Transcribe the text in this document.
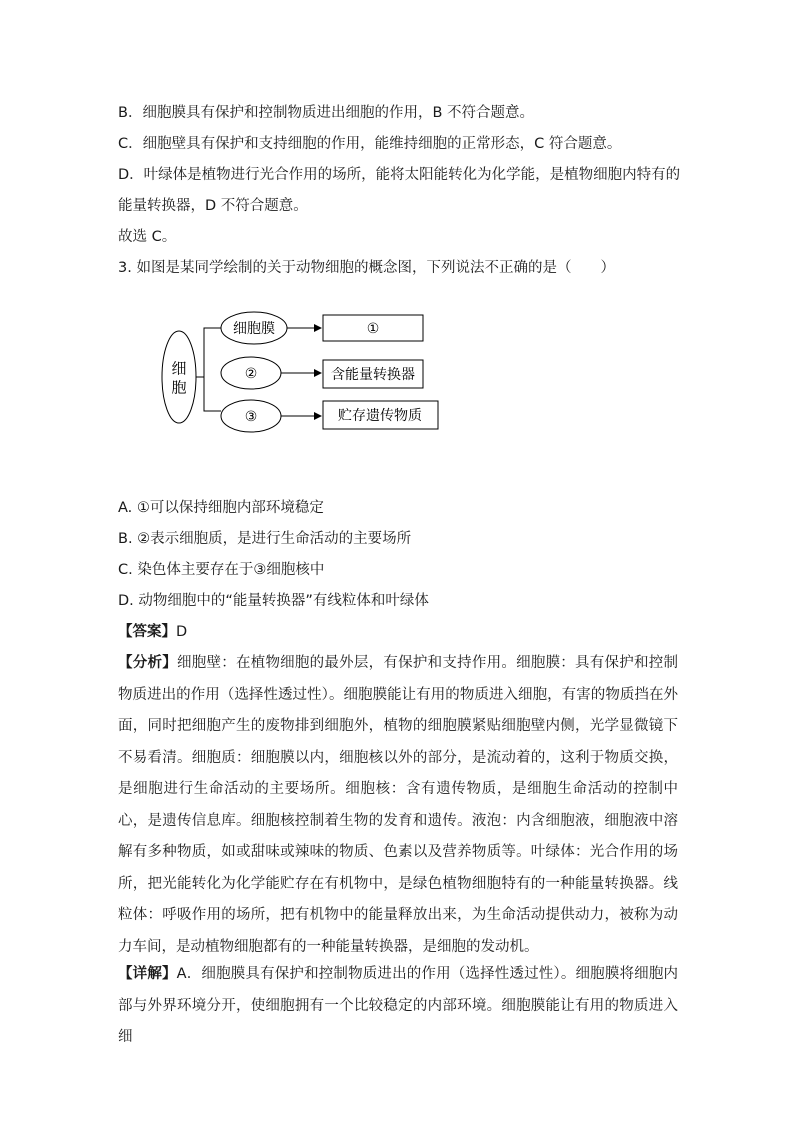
B．细胞膜具有保护和控制物质进出细胞的作用，B 不符合题意。
C．细胞壁具有保护和支持细胞的作用，能维持细胞的正常形态，C 符合题意。
D．叶绿体是植物进行光合作用的场所，能将太阳能转化为化学能，是植物细胞内特有的
能量转换器，D 不符合题意。
故选 C。
3. 如图是某同学绘制的关于动物细胞的概念图，下列说法不正确的是（　　）
细
胞
细胞膜
②
③
①
含能量转换器
贮存遗传物质
A. ①可以保持细胞内部环境稳定
B. ②表示细胞质，是进行生命活动的主要场所
C. 染色体主要存在于③细胞核中
D. 动物细胞中的“能量转换器”有线粒体和叶绿体
【答案】D
【分析】细胞壁：在植物细胞的最外层，有保护和支持作用。细胞膜：具有保护和控制物质进出的作用（选择性透过性）。细胞膜能让有用的物质进入细胞，有害的物质挡在外面，同时把细胞产生的废物排到细胞外，植物的细胞膜紧贴细胞壁内侧，光学显微镜下不易看清。细胞质：细胞膜以内，细胞核以外的部分，是流动着的，这利于物质交换，是细胞进行生命活动的主要场所。细胞核：含有遗传物质，是细胞生命活动的控制中心，是遗传信息库。细胞核控制着生物的发育和遗传。液泡：内含细胞液，细胞液中溶解有多种物质，如或甜味或辣味的物质、色素以及营养物质等。叶绿体：光合作用的场所，把光能转化为化学能贮存在有机物中，是绿色植物细胞特有的一种能量转换器。线粒体：呼吸作用的场所，把有机物中的能量释放出来，为生命活动提供动力，被称为动力车间，是动植物细胞都有的一种能量转换器，是细胞的发动机。
【详解】A．细胞膜具有保护和控制物质进出的作用（选择性透过性）。细胞膜将细胞内部与外界环境分开，使细胞拥有一个比较稳定的内部环境。细胞膜能让有用的物质进入细
